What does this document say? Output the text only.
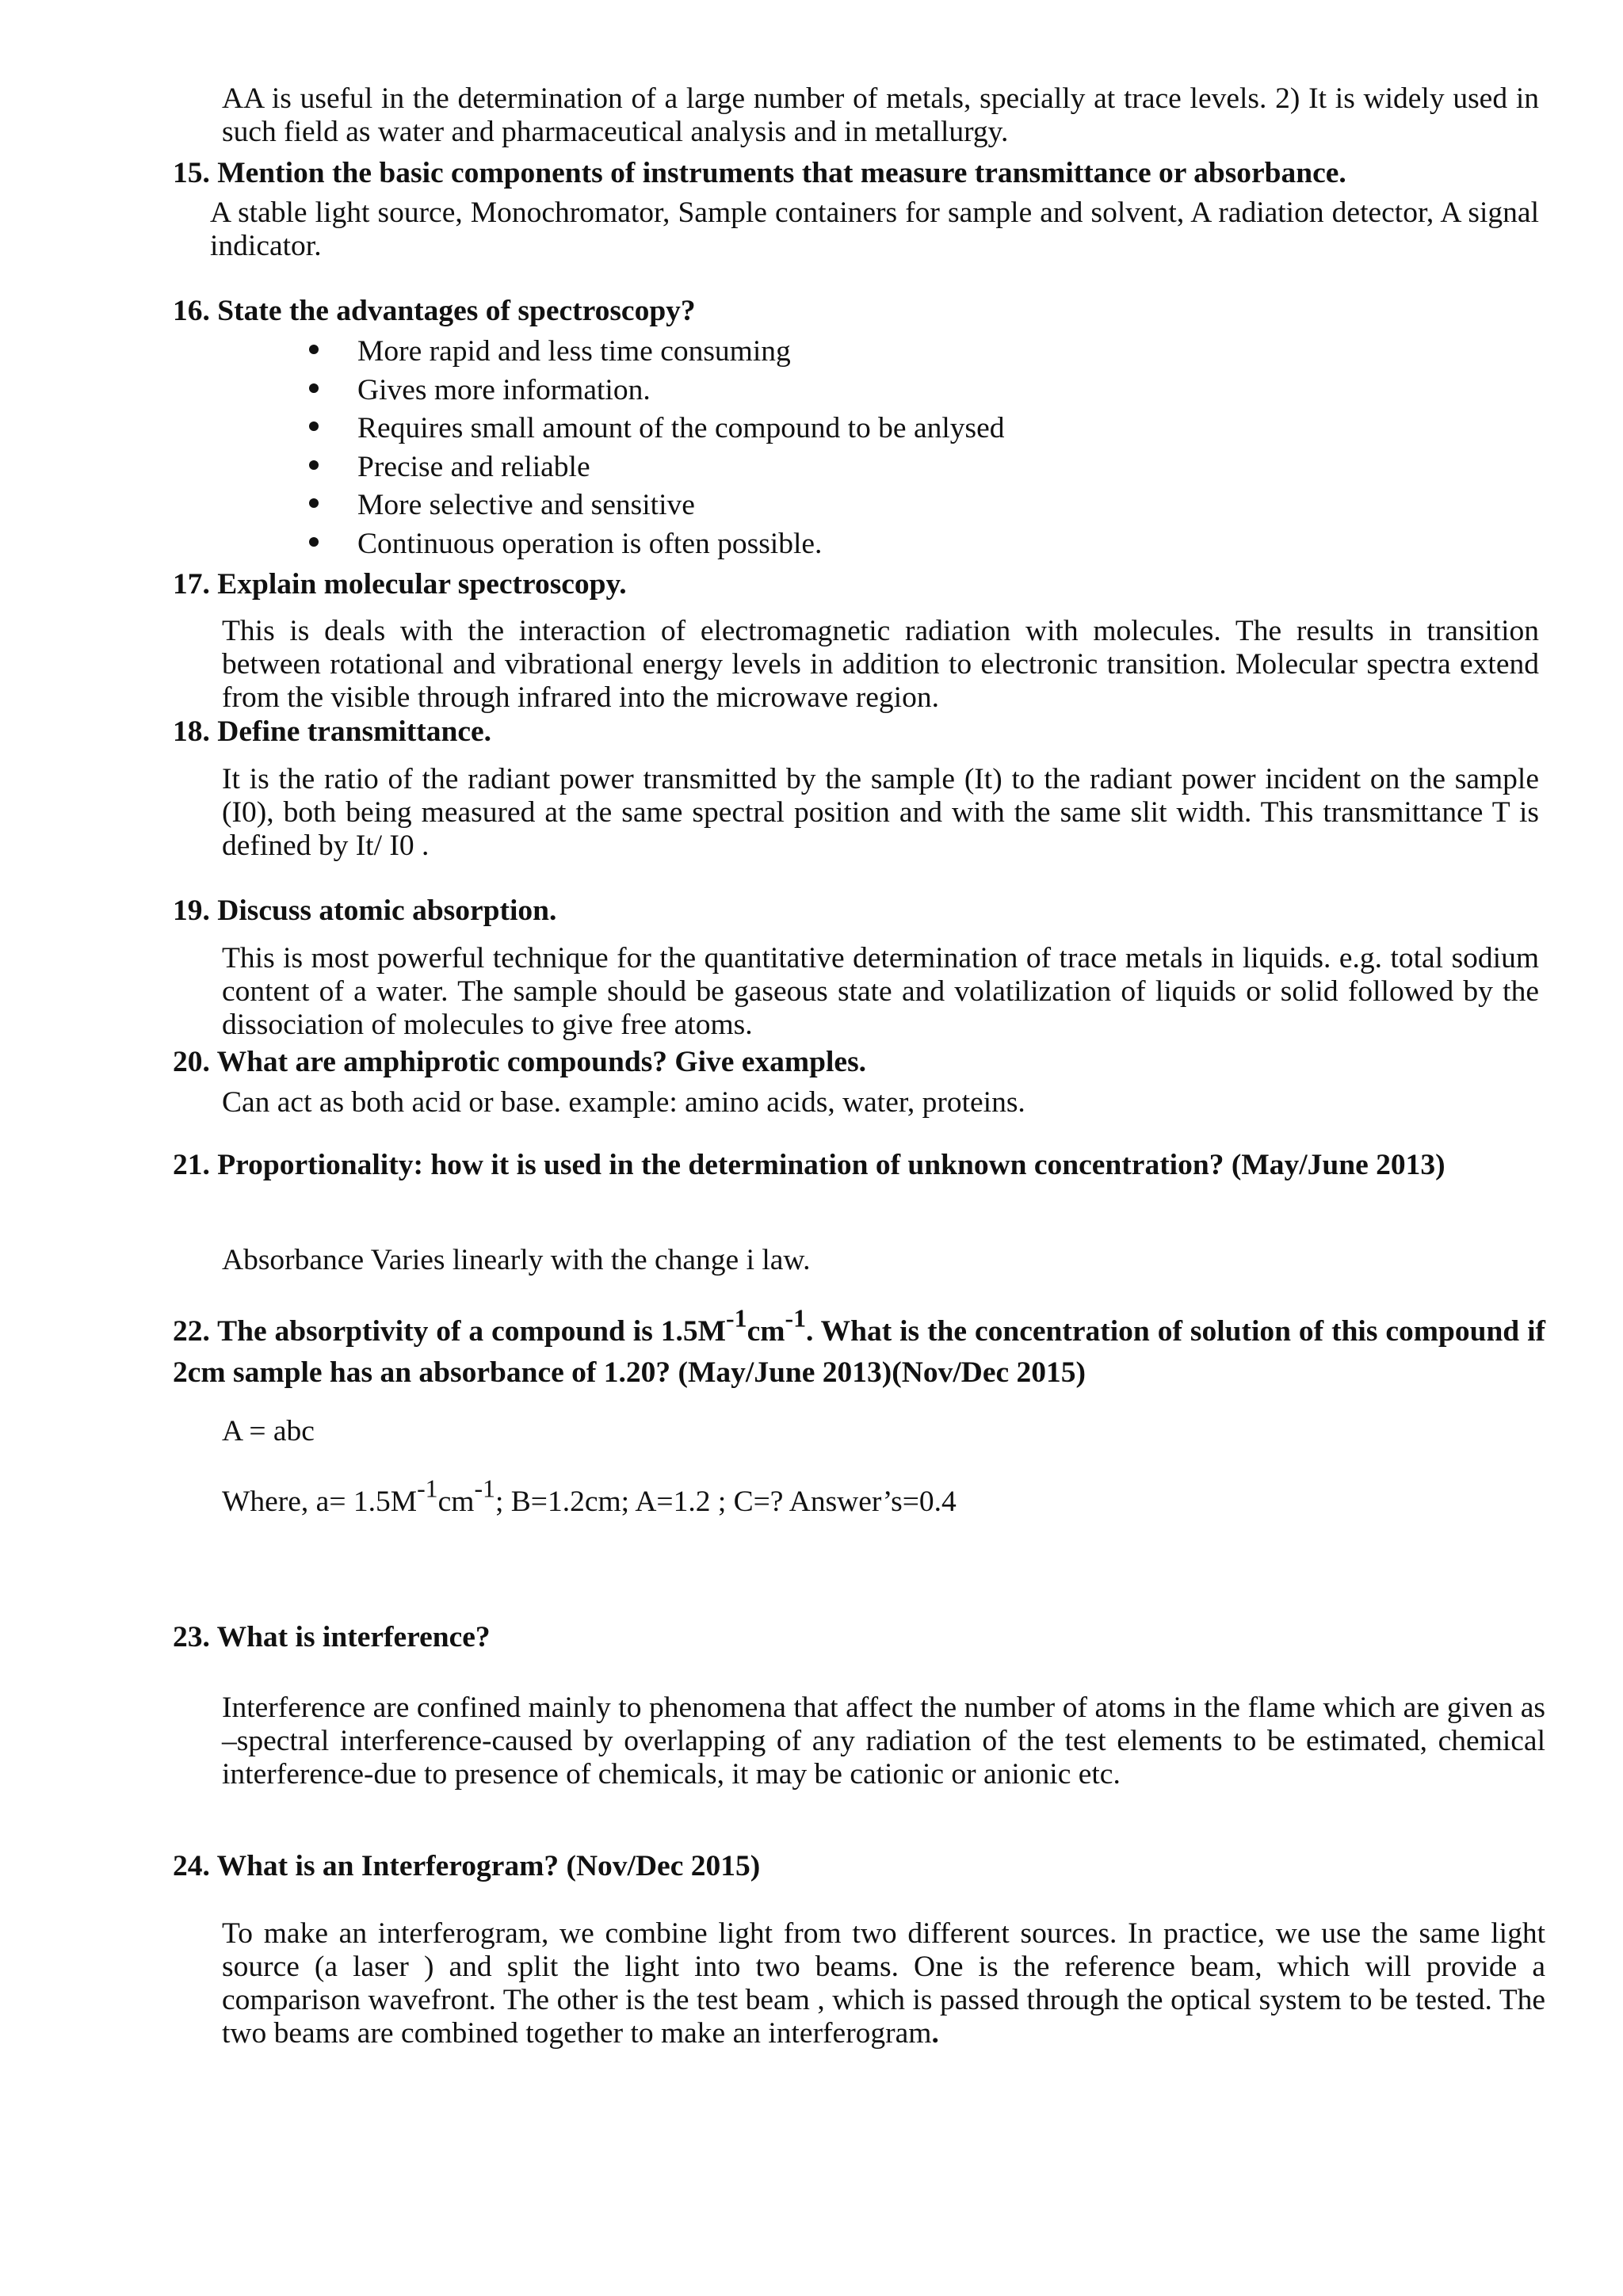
AA is useful in the determination of a large number of metals, specially at trace levels. 2) It is widely used in such field as water and pharmaceutical analysis and in metallurgy.

15. Mention the basic components of instruments that measure transmittance or absorbance.

A stable light source, Monochromator, Sample containers for sample and solvent, A radiation detector, A signal indicator.

16. State the advantages of spectroscopy?

More rapid and less time consuming
Gives more information.
Requires small amount of the compound to be anlysed
Precise and reliable
More selective and sensitive
Continuous operation is often possible.

17. Explain molecular spectroscopy.

This is deals with the interaction of electromagnetic radiation with molecules. The results in transition between rotational and vibrational energy levels in addition to electronic transition. Molecular spectra extend from the visible through infrared into the microwave region.

18. Define transmittance.

It is the ratio of the radiant power transmitted by the sample (It) to the radiant power incident on the sample (I0), both being measured at the same spectral position and with the same slit width. This transmittance T is defined by It/ I0 .

19. Discuss atomic absorption.

This is most powerful technique for the quantitative determination of trace metals in liquids. e.g. total sodium content of a water. The sample should be gaseous state and volatilization of liquids or solid followed by the dissociation of molecules to give free atoms.

20. What are amphiprotic compounds? Give examples.

Can act as both acid or base. example: amino acids, water, proteins.

21. Proportionality: how it is used in the determination of unknown concentration? (May/June 2013)

Absorbance Varies linearly with the change i law.

22. The absorptivity of a compound is $1.5M^{-1}cm^{-1}$. What is the concentration of solution of this compound if 2cm sample has an absorbance of 1.20? (May/June 2013)(Nov/Dec 2015)

A = abc

Where, $a= 1.5M^{-1}cm^{-1}$; B=1.2cm; A=1.2 ; C=? Answer’s=0.4

23. What is interference?

Interference are confined mainly to phenomena that affect the number of atoms in the flame which are given as –spectral interference-caused by overlapping of any radiation of the test elements to be estimated, chemical interference-due to presence of chemicals, it may be cationic or anionic etc.

24. What is an Interferogram? (Nov/Dec 2015)

To make an interferogram, we combine light from two different sources. In practice, we use the same light source (a laser ) and split the light into two beams. One is the reference beam, which will provide a comparison wavefront. The other is the test beam , which is passed through the optical system to be tested. The two beams are combined together to make an interferogram.
